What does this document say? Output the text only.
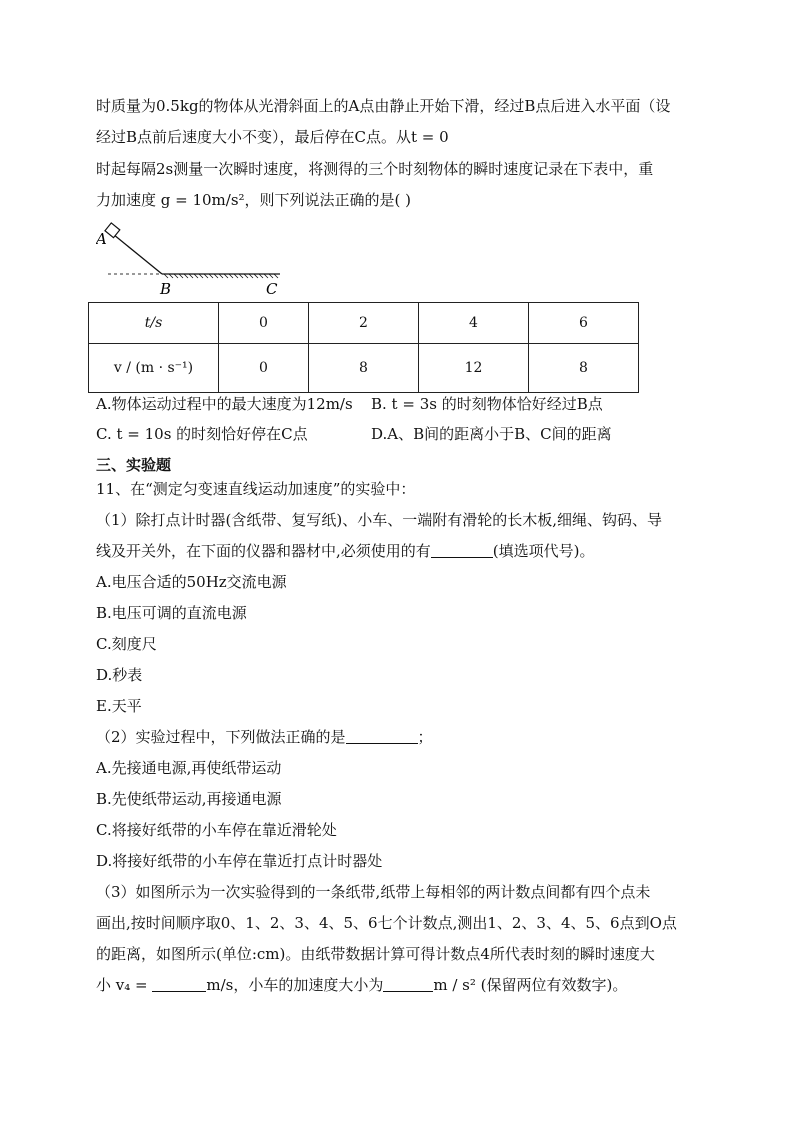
时质量为0.5kg的物体从光滑斜面上的A点由静止开始下滑，经过B点后进入水平面（设
经过B点前后速度大小不变），最后停在C点。从t = 0
时起每隔2s测量一次瞬时速度，将测得的三个时刻物体的瞬时速度记录在下表中，重
力加速度 g = 10m/s²，则下列说法正确的是( )
A
B	C
t/s	0	2	4	6
v / (m · s⁻¹)	0	8	12	8
A.物体运动过程中的最大速度为12m/s B. t = 3s 的时刻物体恰好经过B点
C. t = 10s 的时刻恰好停在C点	D.A、B间的距离小于B、C间的距离
三、实验题
11、在“测定匀变速直线运动加速度”的实验中：
（1）除打点计时器(含纸带、复写纸)、小车、一端附有滑轮的长木板,细绳、钩码、导
线及开关外，在下面的仪器和器材中,必须使用的有	(填选项代号)。
A.电压合适的50Hz交流电源
B.电压可调的直流电源
C.刻度尺
D.秒表
E.天平
（2）实验过程中，下列做法正确的是	；
A.先接通电源,再使纸带运动
B.先使纸带运动,再接通电源
C.将接好纸带的小车停在靠近滑轮处
D.将接好纸带的小车停在靠近打点计时器处
（3）如图所示为一次实验得到的一条纸带,纸带上每相邻的两计数点间都有四个点未
画出,按时间顺序取0、1、2、3、4、5、6七个计数点,测出1、2、3、4、5、6点到O点
的距离，如图所示(单位:cm)。由纸带数据计算可得计数点4所代表时刻的瞬时速度大
小 v₄ =	m/s，小车的加速度大小为	m / s² (保留两位有效数字)。
